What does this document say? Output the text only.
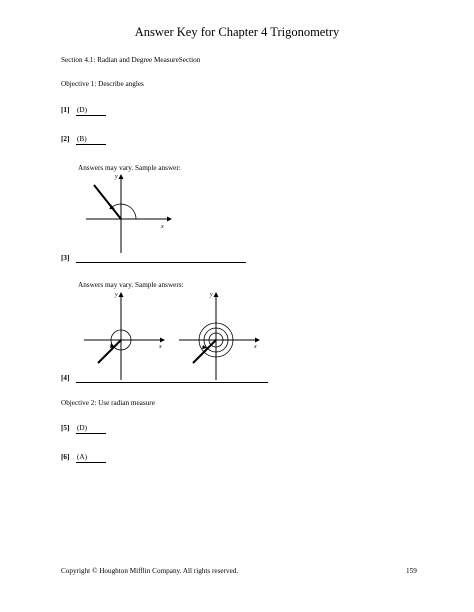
Answer Key for Chapter 4 Trigonometry
Section 4.1: Radian and Degree MeasureSection
Objective 1: Describe angles
[1] (D)
[2] (B)
Answers may vary. Sample answer:
x
y
[3]
Answers may vary. Sample answers:
x
y
x
y
[4]
Objective 2: Use radian measure
[5] (D)
[6] (A)
Copyright © Houghton Mifflin Company. All rights reserved.	159
